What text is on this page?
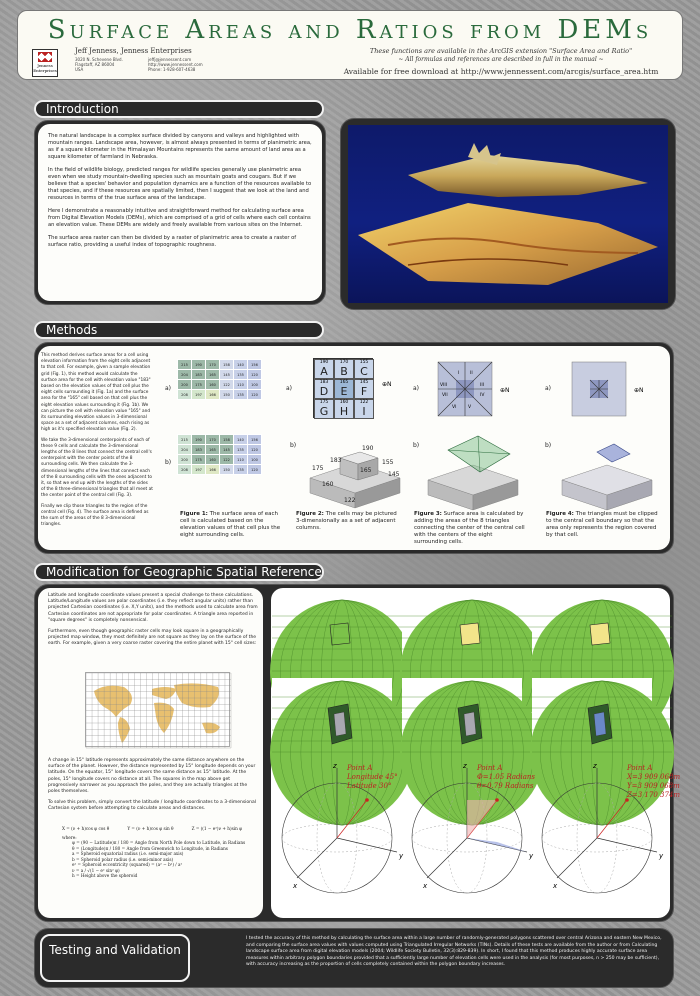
Surface Areas and Ratios from DEMs
Jenness Enterprises
Jeff Jenness, Jenness Enterprises
3020 N. Schevene Blvd.
Flagstaff, AZ 86004
USA
jeffj@jennessent.com
http://www.jennessent.com
Phone: 1-928-607-4638
These functions are available in the ArcGIS extension "Surface Area and Ratio"
~ All formulas and references are described in full in the manual ~
Available for free download at http://www.jennessent.com/arcgis/surface_area.htm
Introduction

The natural landscape is a complex surface divided by canyons and valleys and highlighted with mountain ranges. Landscape area, however, is almost always presented in terms of planimetric area, as if a square kilometer in the Himalayan Mountains represents the same amount of land area as a square kilometer of farmland in Nebraska.

In the field of wildlife biology, predicted ranges for wildlife species generally use planimetric area even when we study mountain-dwelling species such as mountain goats and cougars. But if we believe that a species' behavior and population dynamics are a function of the resources available to that species, and if these resources are spatially limited, then I suggest that we look at the land and resources in terms of the true surface area of the landscape.

Here I demonstrate a reasonably intuitive and straightforward method for calculating surface area from Digital Elevation Models (DEMs), which are comprised of a grid of cells where each cell contains an elevation value. These DEMs are widely and freely available from various sites on the Internet.

The surface area raster can then be divided by a raster of planimetric area to create a raster of surface ratio, providing a useful index of topographic roughness.

Methods

This method derives surface areas for a cell using elevation information from the eight cells adjacent to that cell. For example, given a sample elevation grid (Fig. 1), this method would calculate the surface area for the cell with elevation value "183" based on the elevation values of that cell plus the eight cells surrounding it (Fig. 1a) and the surface area for the "165" cell based on that cell plus the eight elevation values surrounding it (Fig. 1b). We can picture the cell with elevation value "165" and its surrounding elevation values in 3-dimensional space as a set of adjacent columns, each rising as high as it's specified elevation value (Fig. 2).

We take the 3-dimensional centerpoints of each of these 9 cells and calculate the 3-dimensional lengths of the 8 lines that connect the central cell's centerpoint with the center points of the 8 surrounding cells. We then calculate the 3-dimensional lengths of the lines that connect each of the 8 surrounding cells with the ones adjacent to it, so that we end up with the lengths of the sides of the 8 three-dimensional triangles that all meet at the center point of the central cell (Fig. 3).

Finally we clip those triangles to the region of the central cell (Fig. 4). The surface area is defined as the sum of the areas of the 8 3-dimensional triangles.

a)
b)
215	190	170	158	140	156
204	183	165	145	135	120
200	175	160	122	110	100
208	197	166	150	135	120
215	190	170	158	140	156
204	183	165	145	135	120
200	175	160	122	110	100
208	197	166	150	135	120
a)
b)
190
A
170
B
155
C
183
D
165
E
145
F
175
G
160
H
122
I
⊕N
190
183
165
175
155
145
160
122
a)
b)
I II
III
IV
V
VI
VII
VIII
⊕N	a)
b)
⊕N
Figure 1: The surface area of each cell is calculated based on the elevation values of that cell plus the eight surrounding cells.
Figure 2: The cells may be pictured 3-dimensionally as a set of adjacent columns.
Figure 3: Surface area is calculated by adding the areas of the 8 triangles connecting the center of the central cell with the centers of the eight surrounding cells.
Figure 4: The triangles must be clipped to the central cell boundary so that the area only represents the region covered by that cell.
Modification for Geographic Spatial Reference

Latitude and longitude coordinate values present a special challenge to these calculations. Latitude/Longitude values are polar coordinates (i.e. they reflect angular units) rather than projected Cartesian coordinates (i.e. X,Y units), and the methods used to calculate area from Cartesian coordinates are not appropriate for polar coordinates. A triangle area reported in "square degrees" is completely nonsensical.

Furthermore, even though geographic raster cells may look square in a geographically projected map window, they most definitely are not square as they lay on the surface of the earth. For example, given a very coarse raster covering the entire planet with 15° cell sizes:

A change in 15° latitude represents approximately the same distance anywhere on the surface of the planet. However, the distance represented by 15° longitude depends on your latitude. On the equator, 15° longitude covers the same distance as 15° latitude. At the poles, 15° longitude covers no distance at all. The squares in the map above get progressively narrower as you approach the poles, and they are actually triangles at the poles themselves.

To solve this problem, simply convert the latitude / longitude coordinates to a 3-dimensional Cartesian system before attempting to calculate areas and distances.

X = (ν + h)cos φ cos θ	Y = (ν + h)cos φ sin θ	Z = ((1 − e²)ν + h)sin φ
where:
φ = (90 − Latitude)π / 180 = Angle from North Pole down to Latitude, in Radians
θ = (Longitude)π / 180 = Angle from Greenwich to Longitude, in Radians
a = Spheroid equatorial radius (i.e. semi-major axis)
b = Spheroid polar radius (i.e. semi-minor axis)
e² = Spheroid eccentricity (squared) = (a² − b²) / a²
ν = a / √(1 − e² sin² φ)
h = Height above the spheroid
Point A
Longitude 45°
Latitude 30°
x
y
z	Point A
Φ=1.05 Radians
θ=0.79 Radians
x
y
z	Point A
X=3 909 068m
Y=3 909 068m
Z=3 170 374m
x
y
z
Testing and Validation
I tested the accuracy of this method by calculating the surface area within a large number of randomly-generated polygons scattered over central Arizona and eastern New Mexico, and comparing the surface area values with values computed using Triangulated Irregular Networks (TINs). Details of these tests are available from the author or from Calculating landscape surface area from digital elevation models (2004; Wildlife Society Bulletin, 32(3):829-839). In short, I found that this method produces highly accurate surface area measures within arbitrary polygon boundaries provided that a sufficiently large number of elevation cells were used in the analysis (for most purposes, n > 250 may be sufficient), with accuracy increasing as the proportion of cells completely contained within the polygon boundary increases.
